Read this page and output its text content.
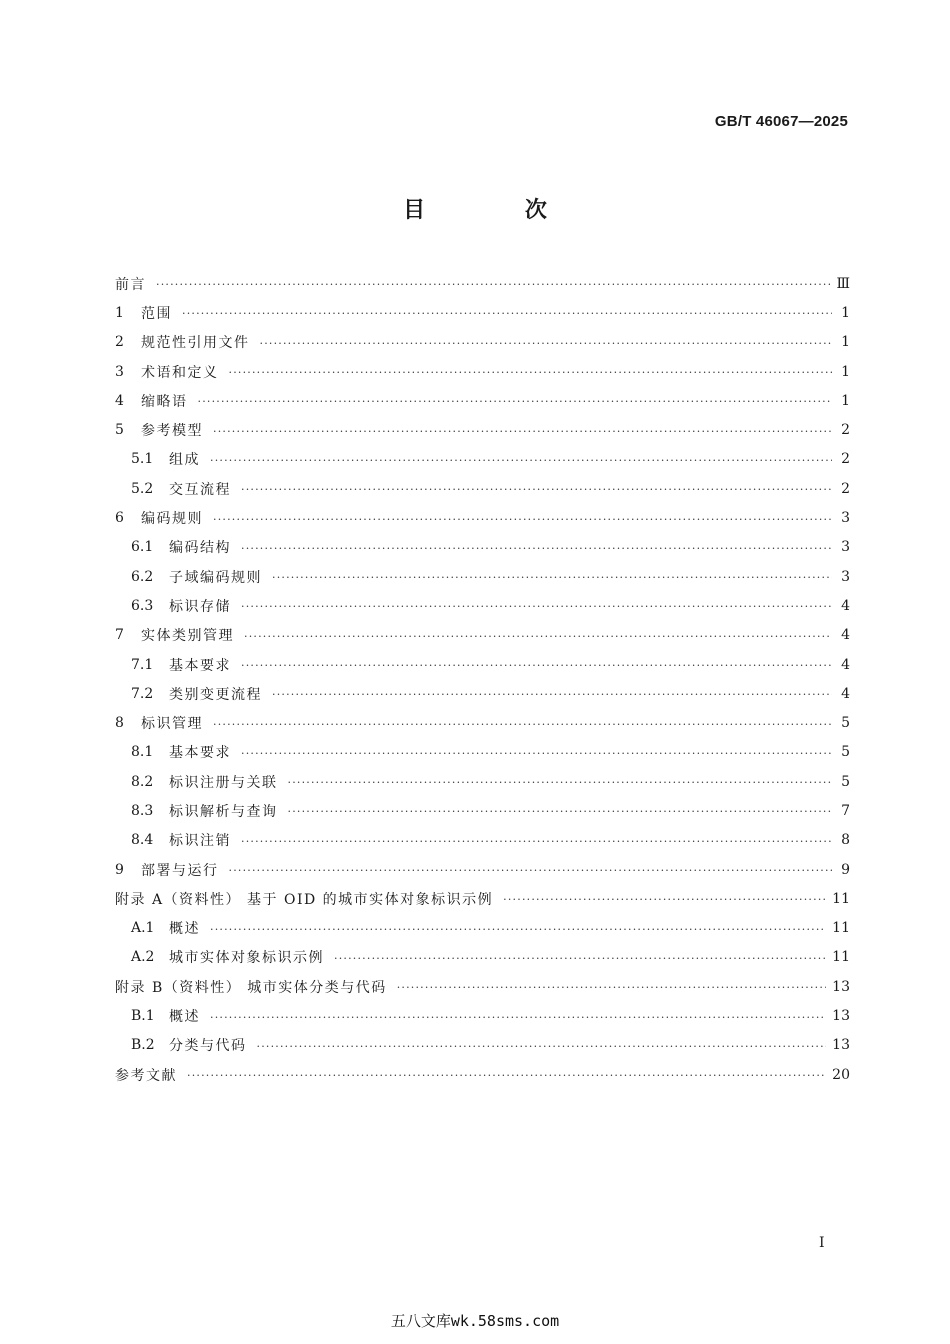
GB/T 46067—2025
目 次
前言 ·····	Ⅲ
1	范围 ·····	1
2	规范性引用文件 ·····	1
3	术语和定义 ·····	1
4	缩略语 ·····	1
5	参考模型 ·····	2
5.1	组成 ·····	2
5.2	交互流程 ·····	2
6	编码规则 ·····	3
6.1	编码结构 ·····	3
6.2	子域编码规则 ·····	3
6.3	标识存储 ·····	4
7	实体类别管理 ·····	4
7.1	基本要求 ·····	4
7.2	类别变更流程 ·····	4
8	标识管理 ·····	5
8.1	基本要求 ·····	5
8.2	标识注册与关联 ·····	5
8.3	标识解析与查询 ·····	7
8.4	标识注销 ·····	8
9	部署与运行 ·····	9
附录 A（资料性） 基于 OID 的城市实体对象标识示例 ·····	11
A.1	概述 ·····	11
A.2	城市实体对象标识示例 ·····	11
附录 B（资料性） 城市实体分类与代码 ·····	13
B.1	概述 ·····	13
B.2	分类与代码 ·····	13
参考文献 ·····	20
I
五八文库wk.58sms.com
